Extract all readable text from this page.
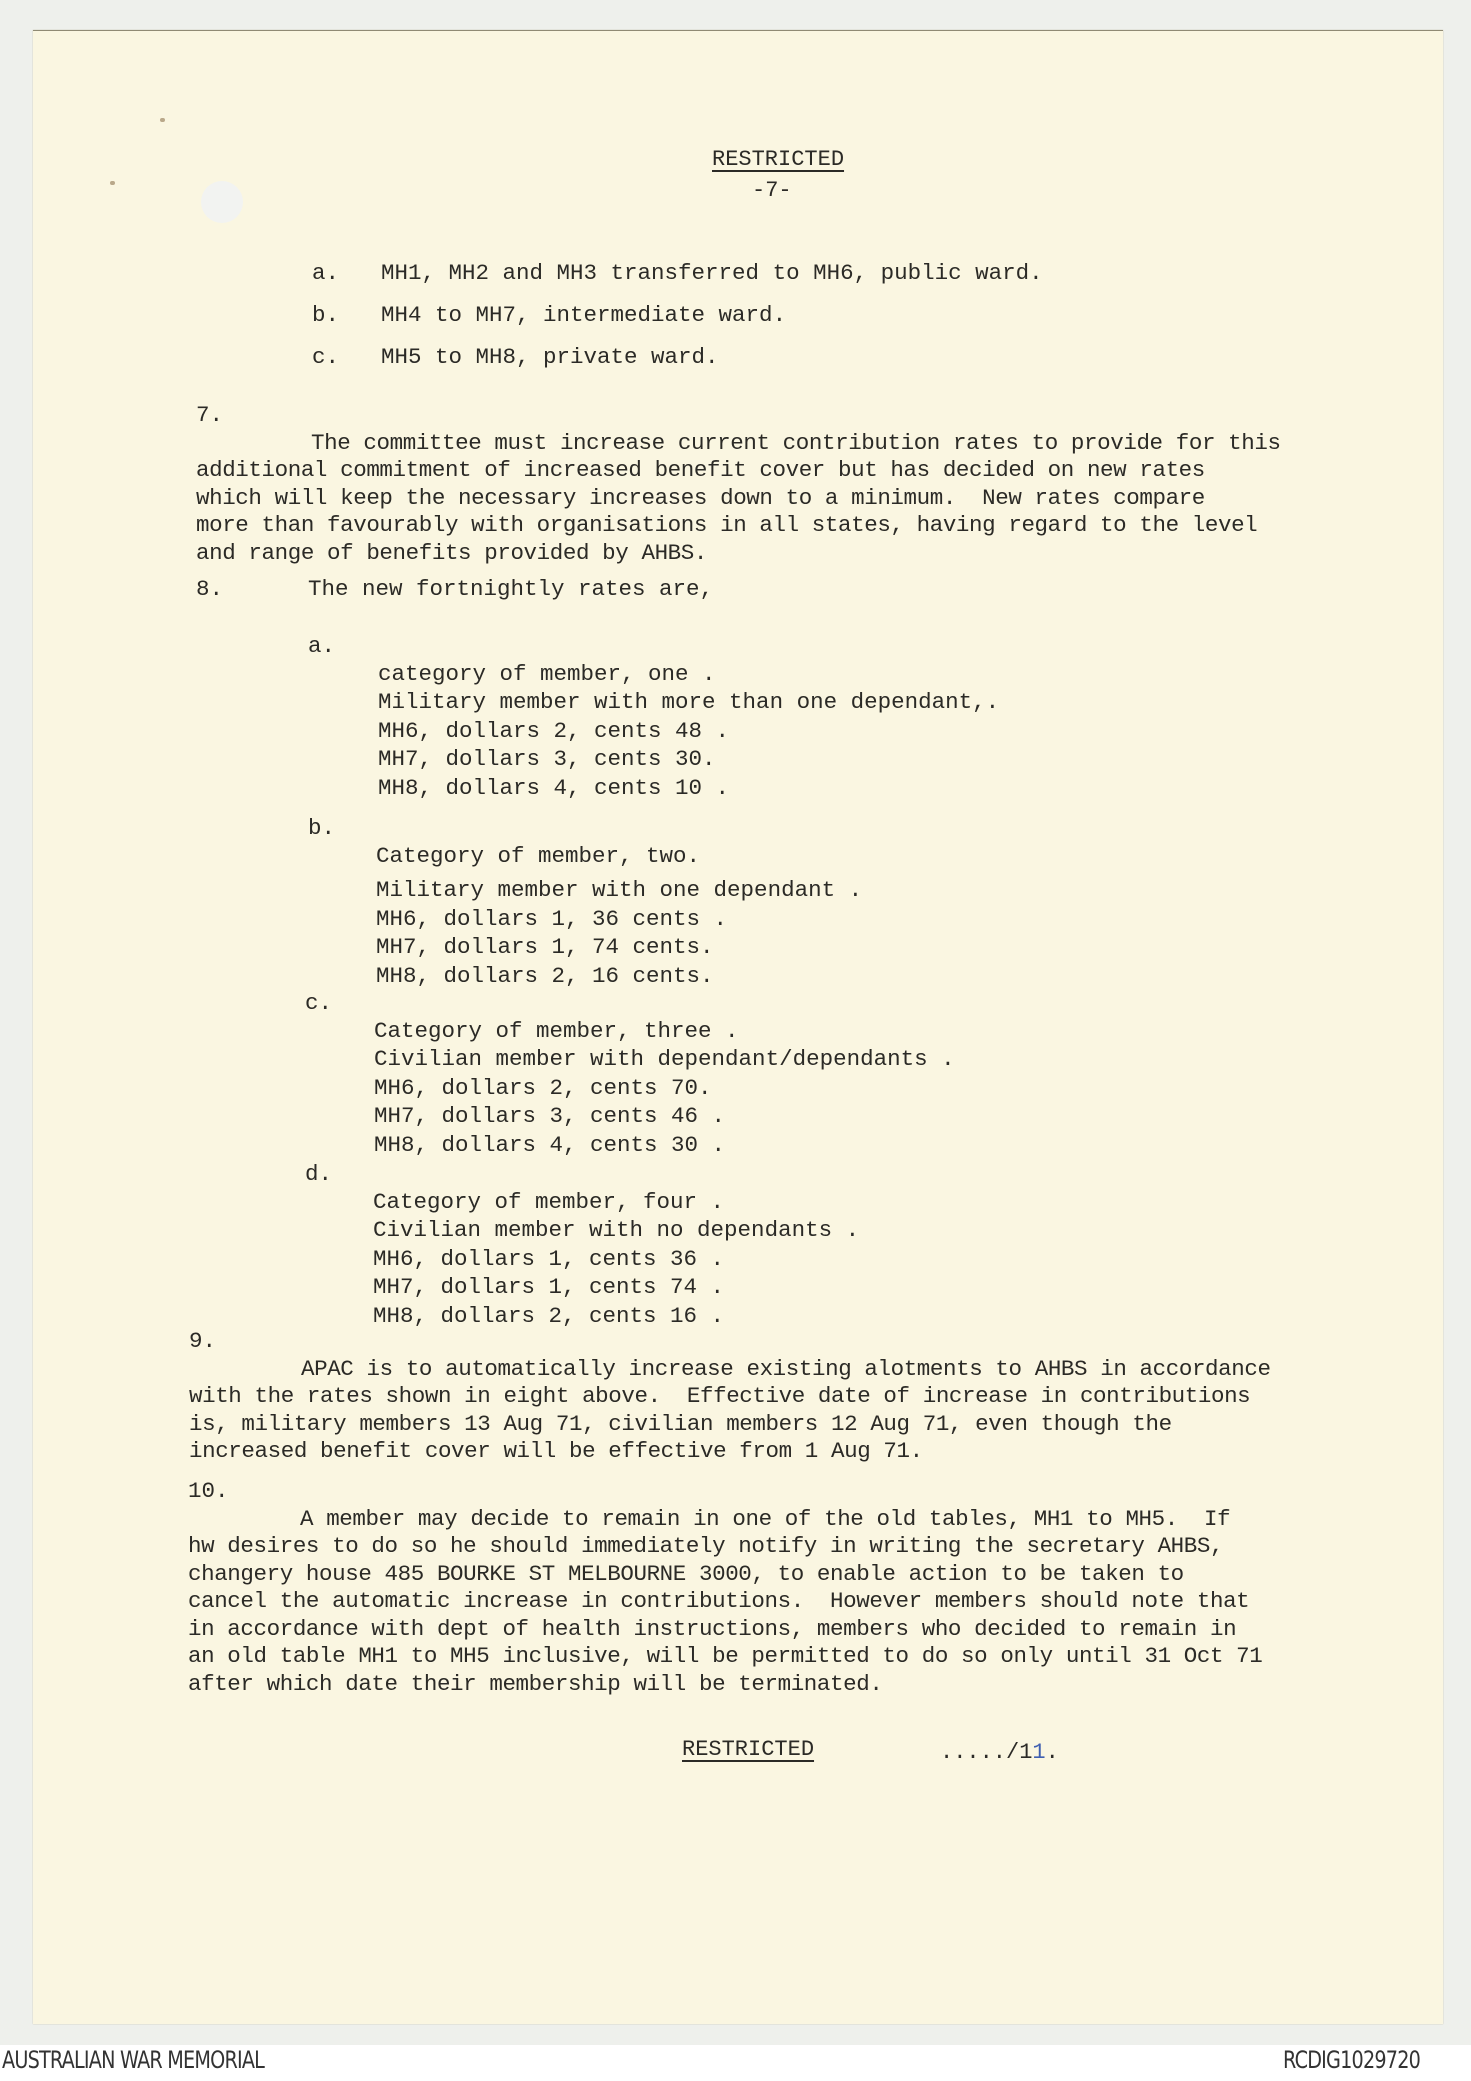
RESTRICTED
-7-
a. MH1, MH2 and MH3 transferred to MH6, public ward.
b. MH4 to MH7, intermediate ward.
c. MH5 to MH8, private ward.
7.

The committee must increase current contribution rates to provide for this
additional commitment of increased benefit cover but has decided on new rates
which will keep the necessary increases down to a minimum.  New rates compare
more than favourably with organisations in all states, having regard to the level
and range of benefits provided by AHBS.

8.	The new fortnightly rates are,
a.

category of member, one .
Military member with more than one dependant,.
MH6, dollars 2, cents 48 .
MH7, dollars 3, cents 30.
MH8, dollars 4, cents 10 .

b.

Category of member, two.
Military member with one dependant .
MH6, dollars 1, 36 cents .
MH7, dollars 1, 74 cents.
MH8, dollars 2, 16 cents.

c.

Category of member, three .
Civilian member with dependant/dependants .
MH6, dollars 2, cents 70.
MH7, dollars 3, cents 46 .
MH8, dollars 4, cents 30 .

d.

Category of member, four .
Civilian member with no dependants .
MH6, dollars 1, cents 36 .
MH7, dollars 1, cents 74 .
MH8, dollars 2, cents 16 .

9.

APAC is to automatically increase existing alotments to AHBS in accordance
with the rates shown in eight above.  Effective date of increase in contributions
is, military members 13 Aug 71, civilian members 12 Aug 71, even though the
increased benefit cover will be effective from 1 Aug 71.

10.

A member may decide to remain in one of the old tables, MH1 to MH5.  If
hw desires to do so he should immediately notify in writing the secretary AHBS,
changery house 485 BOURKE ST MELBOURNE 3000, to enable action to be taken to
cancel the automatic increase in contributions.  However members should note that
in accordance with dept of health instructions, members who decided to remain in
an old table MH1 to MH5 inclusive, will be permitted to do so only until 31 Oct 71
after which date their membership will be terminated.

RESTRICTED	...../11.
AUSTRALIAN WAR MEMORIAL	RCDIG1029720
